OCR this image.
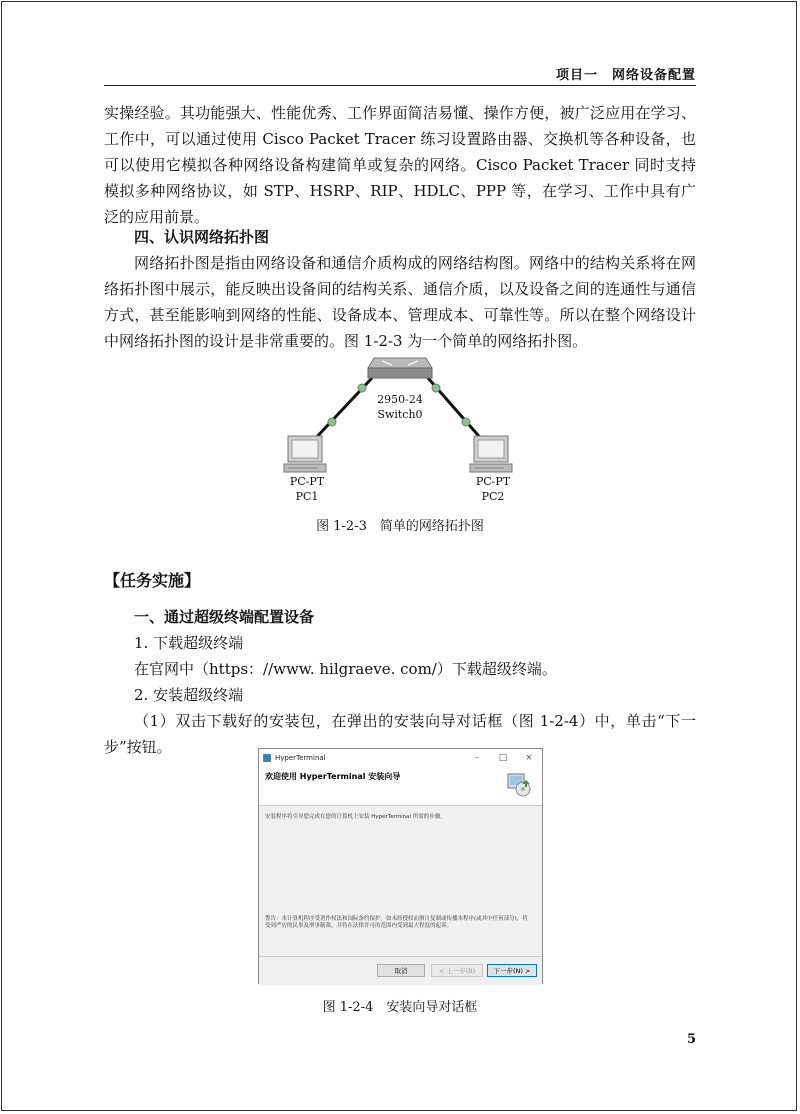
项目一　网络设备配置

实操经验。其功能强大、性能优秀、工作界面简洁易懂、操作方便，被广泛应用在学习、工作中，可以通过使用 Cisco Packet Tracer 练习设置路由器、交换机等各种设备，也可以使用它模拟各种网络设备构建简单或复杂的网络。Cisco Packet Tracer 同时支持模拟多种网络协议，如 STP、HSRP、RIP、HDLC、PPP 等，在学习、工作中具有广泛的应用前景。

四、认识网络拓扑图

网络拓扑图是指由网络设备和通信介质构成的网络结构图。网络中的结构关系将在网络拓扑图中展示，能反映出设备间的结构关系、通信介质，以及设备之间的连通性与通信方式，甚至能影响到网络的性能、设备成本、管理成本、可靠性等。所以在整个网络设计中网络拓扑图的设计是非常重要的。图 1-2-3 为一个简单的网络拓扑图。

2950-24
Switch0
PC-PT
PC1
PC-PT
PC2
图 1-2-3　简单的网络拓扑图
【任务实施】
一、通过超级终端配置设备
1. 下载超级终端
在官网中（https：//www. hilgraeve. com/）下载超级终端。
2. 安装超级终端

（1）双击下载好的安装包，在弹出的安装向导对话框（图 1-2-4）中，单击“下一步”按钮。

HyperTerminal	–	□	×
欢迎使用 HyperTerminal 安装向导
安装程序将引导您完成在您的计算机上安装 HyperTerminal 所需的步骤。
警告：本计算机程序受著作权法和国际条约保护。如未经授权而擅自复制或传播本程序(或其中任何部分)，将受到严厉的民事及刑事制裁，并将在法律许可的范围内受到最大程度的起诉。
取消	< 上一步(B)	下一步(N) >
图 1-2-4　安装向导对话框
5
